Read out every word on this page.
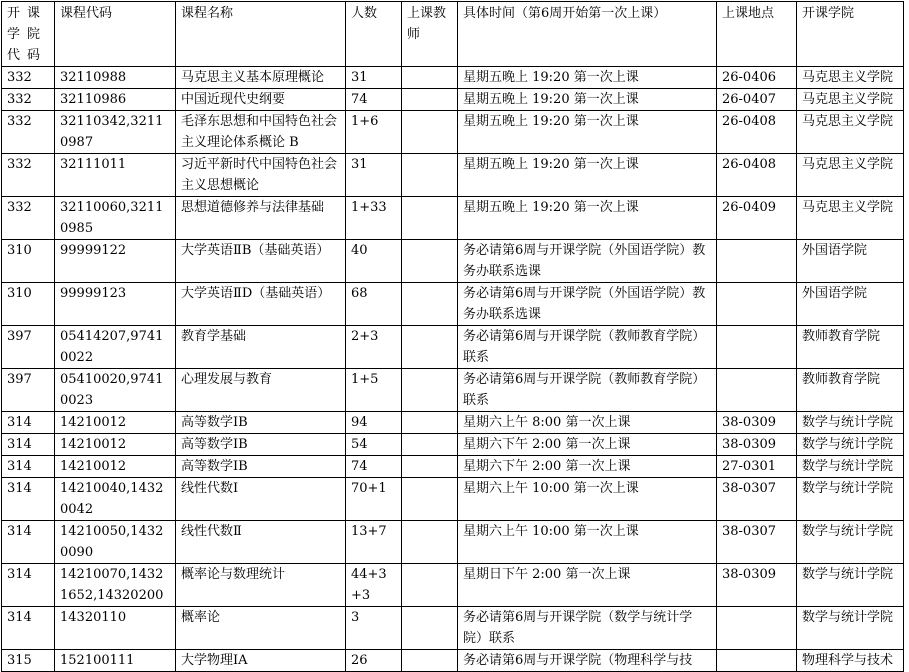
开课学院代码	课程代码	课程名称	人数	上课教师	具体时间（第6周开始第一次上课）	上课地点	开课学院
332	32110988	马克思主义基本原理概论	31		星期五晚上 19:20 第一次上课	26-0406	马克思主义学院
332	32110986	中国近现代史纲要	74		星期五晚上 19:20 第一次上课	26-0407	马克思主义学院
332	32110342,32110987	毛泽东思想和中国特色社会主义理论体系概论 B	1+6		星期五晚上 19:20 第一次上课	26-0408	马克思主义学院
332	32111011	习近平新时代中国特色社会主义思想概论	31		星期五晚上 19:20 第一次上课	26-0408	马克思主义学院
332	32110060,32110985	思想道德修养与法律基础	1+33		星期五晚上 19:20 第一次上课	26-0409	马克思主义学院
310	99999122	大学英语ⅡB（基础英语）	40		务必请第6周与开课学院（外国语学院）教务办联系选课		外国语学院
310	99999123	大学英语ⅡD（基础英语）	68		务必请第6周与开课学院（外国语学院）教务办联系选课		外国语学院
397	05414207,97410022	教育学基础	2+3		务必请第6周与开课学院（教师教育学院）联系		教师教育学院
397	05410020,97410023	心理发展与教育	1+5		务必请第6周与开课学院（教师教育学院）联系		教师教育学院
314	14210012	高等数学ⅠB	94		星期六上午 8:00 第一次上课	38-0309	数学与统计学院
314	14210012	高等数学ⅠB	54		星期六下午 2:00 第一次上课	38-0309	数学与统计学院
314	14210012	高等数学ⅠB	74		星期六下午 2:00 第一次上课	27-0301	数学与统计学院
314	14210040,14320042	线性代数Ⅰ	70+1		星期六上午 10:00 第一次上课	38-0307	数学与统计学院
314	14210050,14320090	线性代数Ⅱ	13+7		星期六上午 10:00 第一次上课	38-0307	数学与统计学院
314	14210070,14321652,14320200	概率论与数理统计	44+3+3		星期日下午 2:00 第一次上课	38-0309	数学与统计学院
314	14320110	概率论	3		务必请第6周与开课学院（数学与统计学院）联系		数学与统计学院
315	152100111	大学物理ⅠA	26		务必请第6周与开课学院（物理科学与技		物理科学与技术
